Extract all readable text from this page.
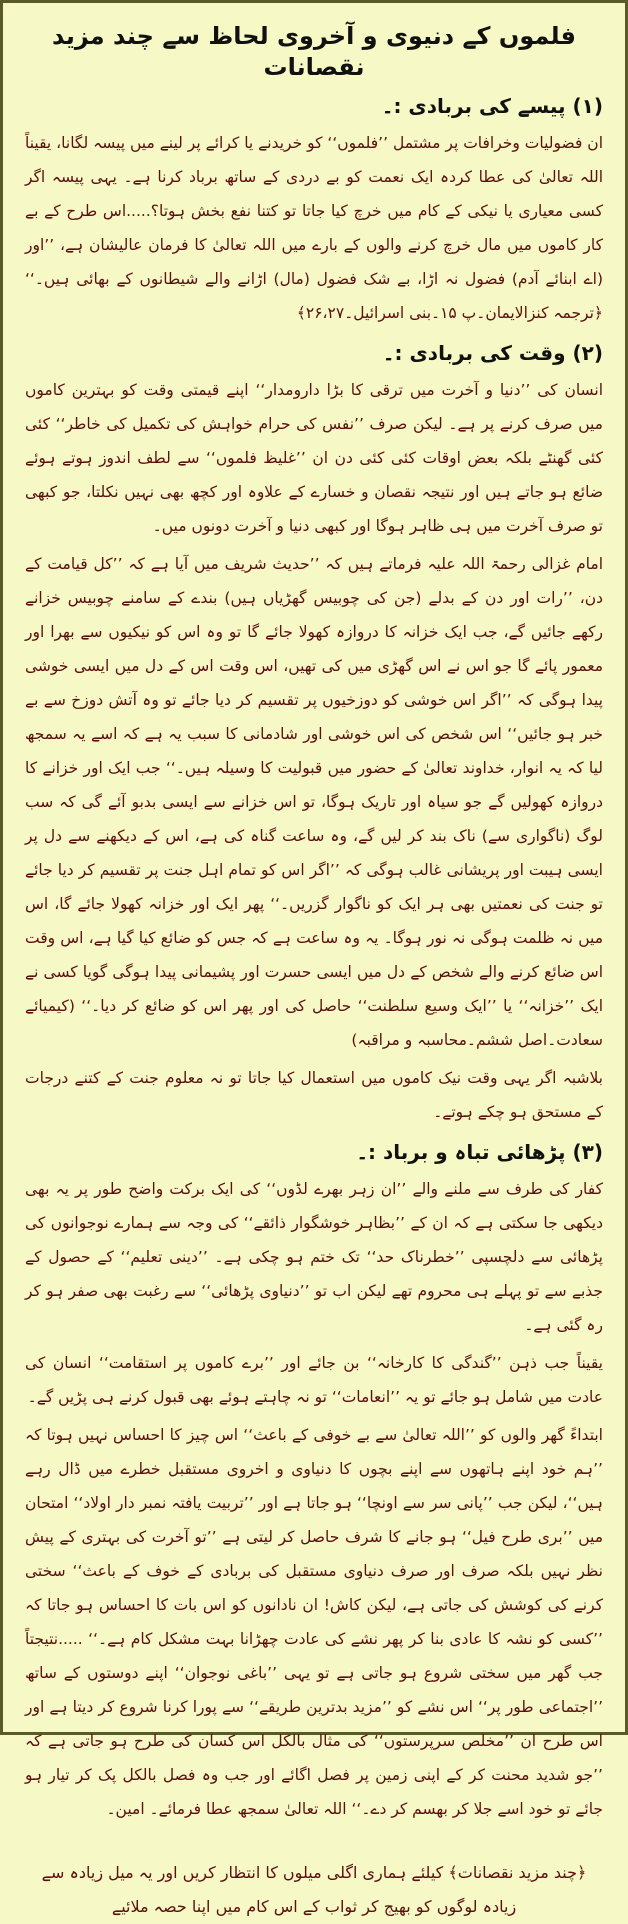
فلموں کے دنیوی و آخروی لحاظ سے چند مزید نقصانات
(۱) پیسے کی بربادی :۔

ان فضولیات وخرافات پر مشتمل ’’فلموں‘‘ کو خریدنے یا کرائے پر لینے میں پیسہ لگانا، یقیناً اللہ تعالیٰ کی عطا کردہ ایک نعمت کو بے دردی کے ساتھ برباد کرنا ہے۔ یہی پیسہ اگر کسی معیاری یا نیکی کے کام میں خرچ کیا جاتا تو کتنا نفع بخش ہوتا؟.....اس طرح کے بے کار کاموں میں مال خرچ کرنے والوں کے بارے میں اللہ تعالیٰ کا فرمان عالیشان ہے، ’’اور (اے ابنائے آدم) فضول نہ اڑا، بے شک فضول (مال) اڑانے والے شیطانوں کے بھائی ہیں۔‘‘ ﴿ترجمہ کنزالایمان۔پ ۱۵۔بنی اسرائیل۔۲۶،۲۷﴾

(۲) وقت کی بربادی :۔

انسان کی ’’دنیا و آخرت میں ترقی کا بڑا دارومدار‘‘ اپنے قیمتی وقت کو بہترین کاموں میں صرف کرنے پر ہے۔ لیکن صرف ’’نفس کی حرام خواہش کی تکمیل کی خاطر‘‘ کئی کئی گھنٹے بلکہ بعض اوقات کئی کئی دن ان ’’غلیظ فلموں‘‘ سے لطف اندوز ہوتے ہوئے ضائع ہو جاتے ہیں اور نتیجہ نقصان و خسارے کے علاوہ اور کچھ بھی نہیں نکلتا، جو کبھی تو صرف آخرت میں ہی ظاہر ہوگا اور کبھی دنیا و آخرت دونوں میں۔

امام غزالی رحمۃ اللہ علیہ فرماتے ہیں کہ ’’حدیث شریف میں آیا ہے کہ ’’کل قیامت کے دن، ’’رات اور دن کے بدلے (جن کی چوبیس گھڑیاں ہیں) بندے کے سامنے چوبیس خزانے رکھے جائیں گے، جب ایک خزانہ کا دروازہ کھولا جائے گا تو وہ اس کو نیکیوں سے بھرا اور معمور پائے گا جو اس نے اس گھڑی میں کی تھیں، اس وقت اس کے دل میں ایسی خوشی پیدا ہوگی کہ ’’اگر اس خوشی کو دوزخیوں پر تقسیم کر دیا جائے تو وہ آتش دوزخ سے بے خبر ہو جائیں‘‘ اس شخص کی اس خوشی اور شادمانی کا سبب یہ ہے کہ اسے یہ سمجھ لیا کہ یہ انوار، خداوند تعالیٰ کے حضور میں قبولیت کا وسیلہ ہیں۔‘‘ جب ایک اور خزانے کا دروازہ کھولیں گے جو سیاہ اور تاریک ہوگا، تو اس خزانے سے ایسی بدبو آئے گی کہ سب لوگ (ناگواری سے) ناک بند کر لیں گے، وہ ساعت گناہ کی ہے، اس کے دیکھنے سے دل پر ایسی ہیبت اور پریشانی غالب ہوگی کہ ’’اگر اس کو تمام اہل جنت پر تقسیم کر دیا جائے تو جنت کی نعمتیں بھی ہر ایک کو ناگوار گزریں۔‘‘ پھر ایک اور خزانہ کھولا جائے گا، اس میں نہ ظلمت ہوگی نہ نور ہوگا۔ یہ وہ ساعت ہے کہ جس کو ضائع کیا گیا ہے، اس وقت اس ضائع کرنے والے شخص کے دل میں ایسی حسرت اور پشیمانی پیدا ہوگی گویا کسی نے ایک ’’خزانہ‘‘ یا ’’ایک وسیع سلطنت‘‘ حاصل کی اور پھر اس کو ضائع کر دیا۔‘‘ (کیمیائے سعادت۔اصل ششم۔محاسبہ و مراقبہ)

بلاشبہ اگر یہی وقت نیک کاموں میں استعمال کیا جاتا تو نہ معلوم جنت کے کتنے درجات کے مستحق ہو چکے ہوتے۔

(۳) پڑھائی تباہ و برباد :۔

کفار کی طرف سے ملنے والے ’’ان زہر بھرے لڈوں‘‘ کی ایک برکت واضح طور پر یہ بھی دیکھی جا سکتی ہے کہ ان کے ’’بظاہر خوشگوار ذائقے‘‘ کی وجہ سے ہمارے نوجوانوں کی پڑھائی سے دلچسپی ’’خطرناک حد‘‘ تک ختم ہو چکی ہے۔ ’’دینی تعلیم‘‘ کے حصول کے جذبے سے تو پہلے ہی محروم تھے لیکن اب تو ’’دنیاوی پڑھائی‘‘ سے رغبت بھی صفر ہو کر رہ گئی ہے۔

یقیناً جب ذہن ’’گندگی کا کارخانہ‘‘ بن جائے اور ’’برے کاموں پر استقامت‘‘ انسان کی عادت میں شامل ہو جائے تو یہ ’’انعامات‘‘ تو نہ چاہتے ہوئے بھی قبول کرنے ہی پڑیں گے۔

ابتداءً گھر والوں کو ’’اللہ تعالیٰ سے بے خوفی کے باعث‘‘ اس چیز کا احساس نہیں ہوتا کہ ’’ہم خود اپنے ہاتھوں سے اپنے بچوں کا دنیاوی و اخروی مستقبل خطرے میں ڈال رہے ہیں‘‘، لیکن جب ’’پانی سر سے اونچا‘‘ ہو جاتا ہے اور ’’تربیت یافتہ نمبر دار اولاد‘‘ امتحان میں ’’بری طرح فیل‘‘ ہو جانے کا شرف حاصل کر لیتی ہے ’’تو آخرت کی بہتری کے پیش نظر نہیں بلکہ صرف اور صرف دنیاوی مستقبل کی بربادی کے خوف کے باعث‘‘ سختی کرنے کی کوشش کی جاتی ہے، لیکن کاش! ان نادانوں کو اس بات کا احساس ہو جاتا کہ ’’کسی کو نشہ کا عادی بنا کر پھر نشے کی عادت چھڑانا بہت مشکل کام ہے۔‘‘ .....نتیجتاً جب گھر میں سختی شروع ہو جاتی ہے تو یہی ’’باغی نوجوان‘‘ اپنے دوستوں کے ساتھ ’’اجتماعی طور پر‘‘ اس نشے کو ’’مزید بدترین طریقے‘‘ سے پورا کرنا شروع کر دیتا ہے اور اس طرح ان ’’مخلص سرپرستوں‘‘ کی مثال بالکل اس کسان کی طرح ہو جاتی ہے کہ ’’جو شدید محنت کر کے اپنی زمین پر فصل اگائے اور جب وہ فصل بالکل پک کر تیار ہو جائے تو خود اسے جلا کر بھسم کر دے۔‘‘ اللہ تعالیٰ سمجھ عطا فرمائے۔ امین۔

﴿چند مزید نقصانات﴾ کیلئے ہماری اگلی میلوں کا انتظار کریں اور یہ میل زیادہ سے زیادہ لوگوں کو بھیج کر ثواب کے اس کام میں اپنا حصہ ملائیے
